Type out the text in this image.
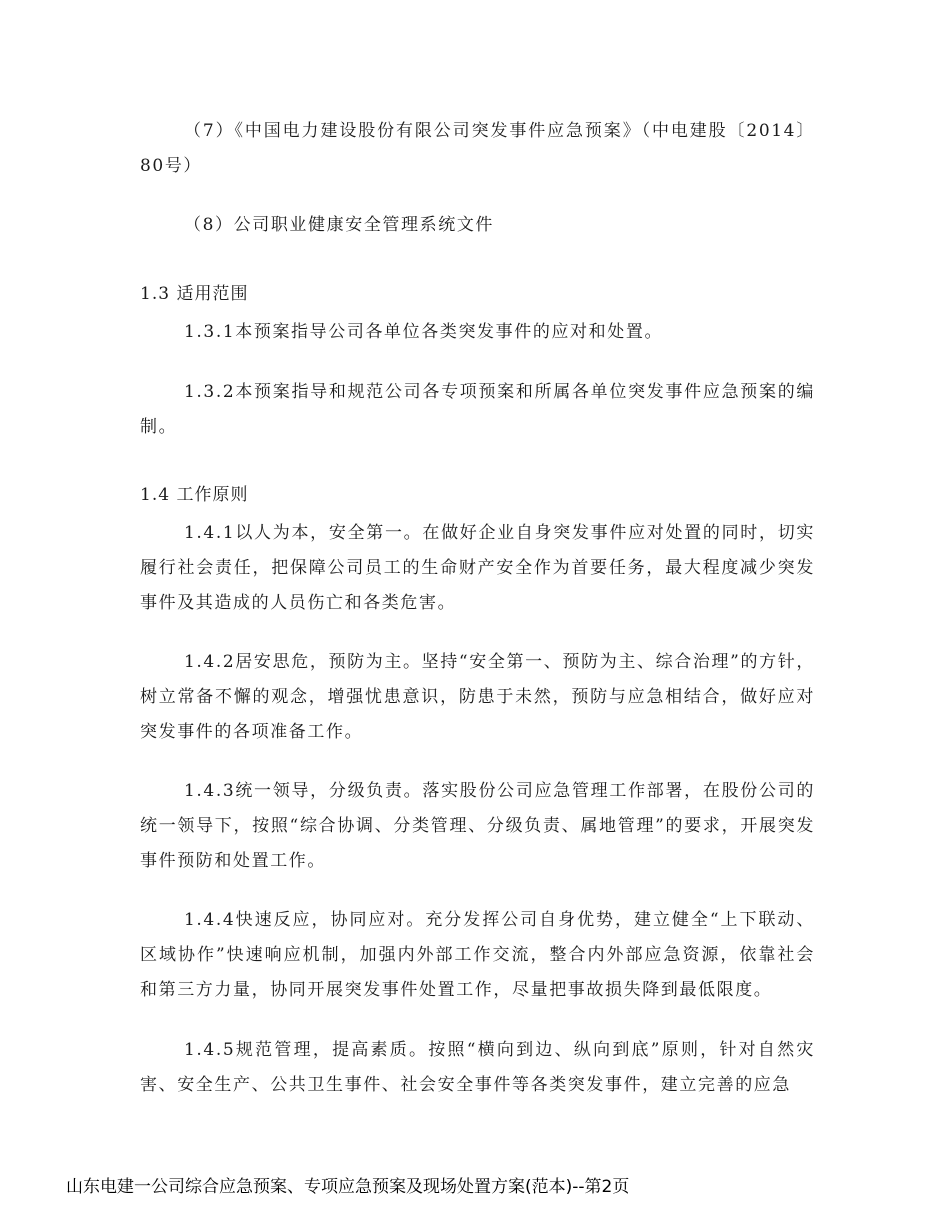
（7）《中国电力建设股份有限公司突发事件应急预案》（中电建股〔2014〕80号）

（8）公司职业健康安全管理系统文件

1.3 适用范围

1.3.1本预案指导公司各单位各类突发事件的应对和处置。

1.3.2本预案指导和规范公司各专项预案和所属各单位突发事件应急预案的编制。

1.4 工作原则

1.4.1以人为本，安全第一。在做好企业自身突发事件应对处置的同时，切实履行社会责任，把保障公司员工的生命财产安全作为首要任务，最大程度减少突发事件及其造成的人员伤亡和各类危害。

1.4.2居安思危，预防为主。坚持“安全第一、预防为主、综合治理”的方针，树立常备不懈的观念，增强忧患意识，防患于未然，预防与应急相结合，做好应对突发事件的各项准备工作。

1.4.3统一领导，分级负责。落实股份公司应急管理工作部署，在股份公司的统一领导下，按照“综合协调、分类管理、分级负责、属地管理”的要求，开展突发事件预防和处置工作。

1.4.4快速反应，协同应对。充分发挥公司自身优势，建立健全“上下联动、区域协作”快速响应机制，加强内外部工作交流，整合内外部应急资源，依靠社会和第三方力量，协同开展突发事件处置工作，尽量把事故损失降到最低限度。

1.4.5规范管理，提高素质。按照“横向到边、纵向到底”原则，针对自然灾害、安全生产、公共卫生事件、社会安全事件等各类突发事件，建立完善的应急

山东电建一公司综合应急预案、专项应急预案及现场处置方案(范本)--第2页
